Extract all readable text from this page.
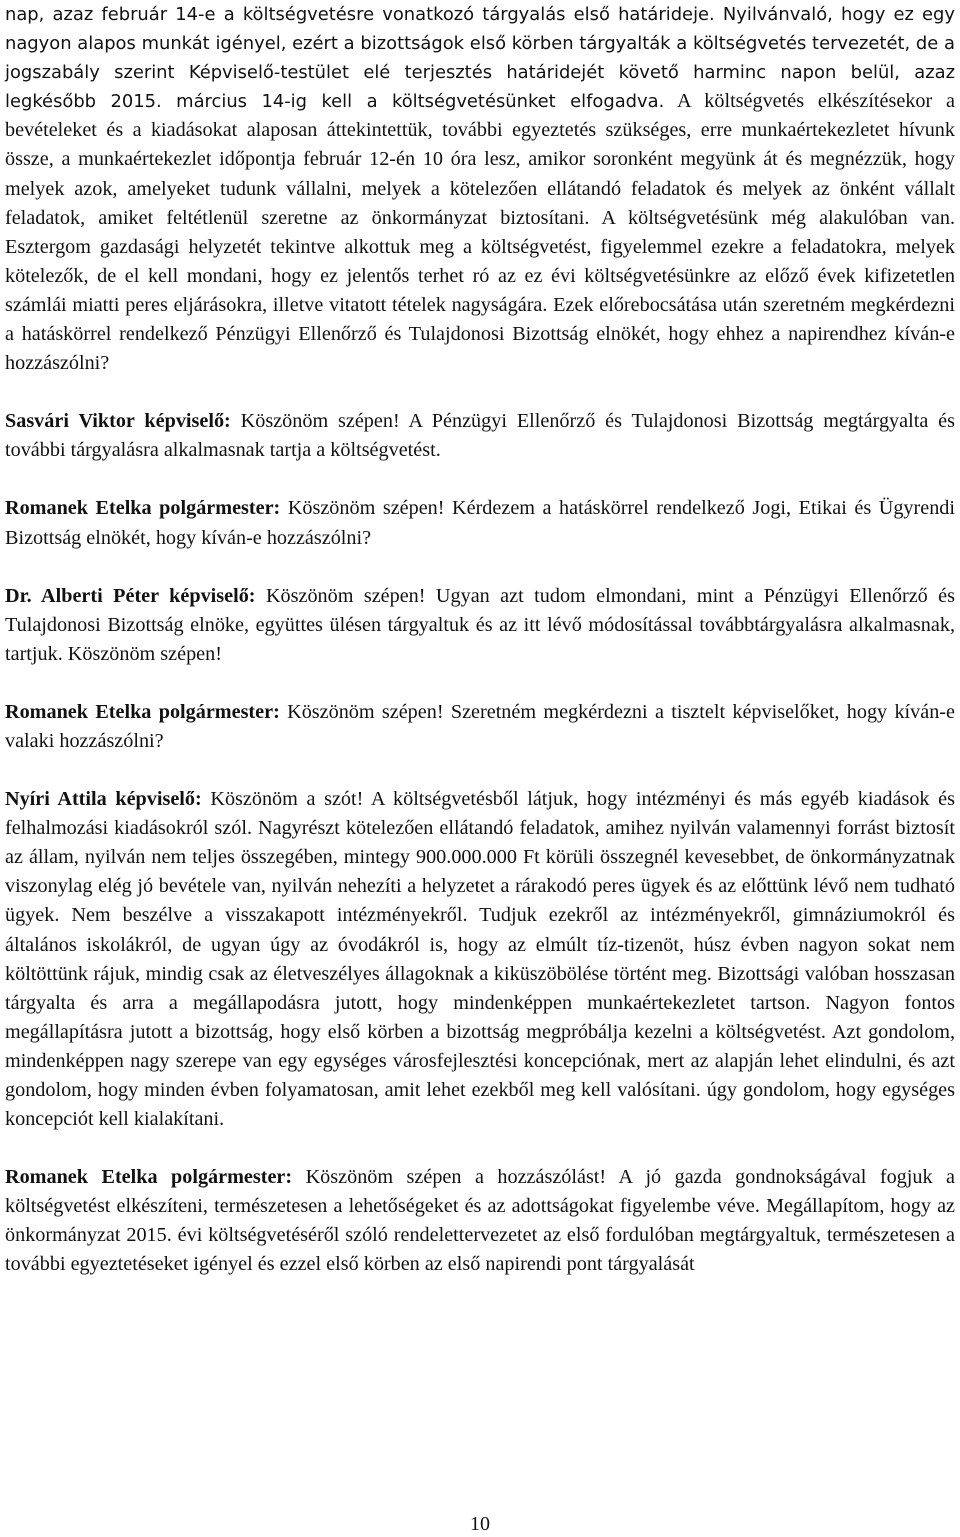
nap, azaz február 14-e a költségvetésre vonatkozó tárgyalás első határideje. Nyilvánvaló, hogy ez egy nagyon alapos munkát igényel, ezért a bizottságok első körben tárgyalták a költségvetés tervezetét, de a jogszabály szerint Képviselő-testület elé terjesztés határidejét követő harminc napon belül, azaz legkésőbb 2015. március 14-ig kell a költségvetésünket elfogadva. A költségvetés elkészítésekor a bevételeket és a kiadásokat alaposan áttekintettük, további egyeztetés szükséges, erre munkaértekezletet hívunk össze, a munkaértekezlet időpontja február 12-én 10 óra lesz, amikor soronként megyünk át és megnézzük, hogy melyek azok, amelyeket tudunk vállalni, melyek a kötelezően ellátandó feladatok és melyek az önként vállalt feladatok, amiket feltétlenül szeretne az önkormányzat biztosítani. A költségvetésünk még alakulóban van. Esztergom gazdasági helyzetét tekintve alkottuk meg a költségvetést, figyelemmel ezekre a feladatokra, melyek kötelezők, de el kell mondani, hogy ez jelentős terhet ró az ez évi költségvetésünkre az előző évek kifizetetlen számlái miatti peres eljárásokra, illetve vitatott tételek nagyságára. Ezek előrebocsátása után szeretném megkérdezni a hatáskörrel rendelkező Pénzügyi Ellenőrző és Tulajdonosi Bizottság elnökét, hogy ehhez a napirendhez kíván-e hozzászólni?

Sasvári Viktor képviselő: Köszönöm szépen! A Pénzügyi Ellenőrző és Tulajdonosi Bizottság megtárgyalta és további tárgyalásra alkalmasnak tartja a költségvetést.

Romanek Etelka polgármester: Köszönöm szépen! Kérdezem a hatáskörrel rendelkező Jogi, Etikai és Ügyrendi Bizottság elnökét, hogy kíván-e hozzászólni?

Dr. Alberti Péter képviselő: Köszönöm szépen! Ugyan azt tudom elmondani, mint a Pénzügyi Ellenőrző és Tulajdonosi Bizottság elnöke, együttes ülésen tárgyaltuk és az itt lévő módosítással továbbtárgyalásra alkalmasnak, tartjuk. Köszönöm szépen!

Romanek Etelka polgármester: Köszönöm szépen! Szeretném megkérdezni a tisztelt képviselőket, hogy kíván-e valaki hozzászólni?

Nyíri Attila képviselő: Köszönöm a szót! A költségvetésből látjuk, hogy intézményi és más egyéb kiadások és felhalmozási kiadásokról szól. Nagyrészt kötelezően ellátandó feladatok, amihez nyilván valamennyi forrást biztosít az állam, nyilván nem teljes összegében, mintegy 900.000.000 Ft körüli összegnél kevesebbet, de önkormányzatnak viszonylag elég jó bevétele van, nyilván nehezíti a helyzetet a rárakodó peres ügyek és az előttünk lévő nem tudható ügyek. Nem beszélve a visszakapott intézményekről. Tudjuk ezekről az intézményekről, gimnáziumokról és általános iskolákról, de ugyan úgy az óvodákról is, hogy az elmúlt tíz-tizenöt, húsz évben nagyon sokat nem költöttünk rájuk, mindig csak az életveszélyes állagoknak a kiküszöbölése történt meg. Bizottsági valóban hosszasan tárgyalta és arra a megállapodásra jutott, hogy mindenképpen munkaértekezletet tartson. Nagyon fontos megállapításra jutott a bizottság, hogy első körben a bizottság megpróbálja kezelni a költségvetést. Azt gondolom, mindenképpen nagy szerepe van egy egységes városfejlesztési koncepciónak, mert az alapján lehet elindulni, és azt gondolom, hogy minden évben folyamatosan, amit lehet ezekből meg kell valósítani. úgy gondolom, hogy egységes koncepciót kell kialakítani.

Romanek Etelka polgármester: Köszönöm szépen a hozzászólást! A jó gazda gondnokságával fogjuk a költségvetést elkészíteni, természetesen a lehetőségeket és az adottságokat figyelembe véve. Megállapítom, hogy az önkormányzat 2015. évi költségvetéséről szóló rendelettervezetet az első fordulóban megtárgyaltuk, természetesen a további egyeztetéseket igényel és ezzel első körben az első napirendi pont tárgyalását

10
